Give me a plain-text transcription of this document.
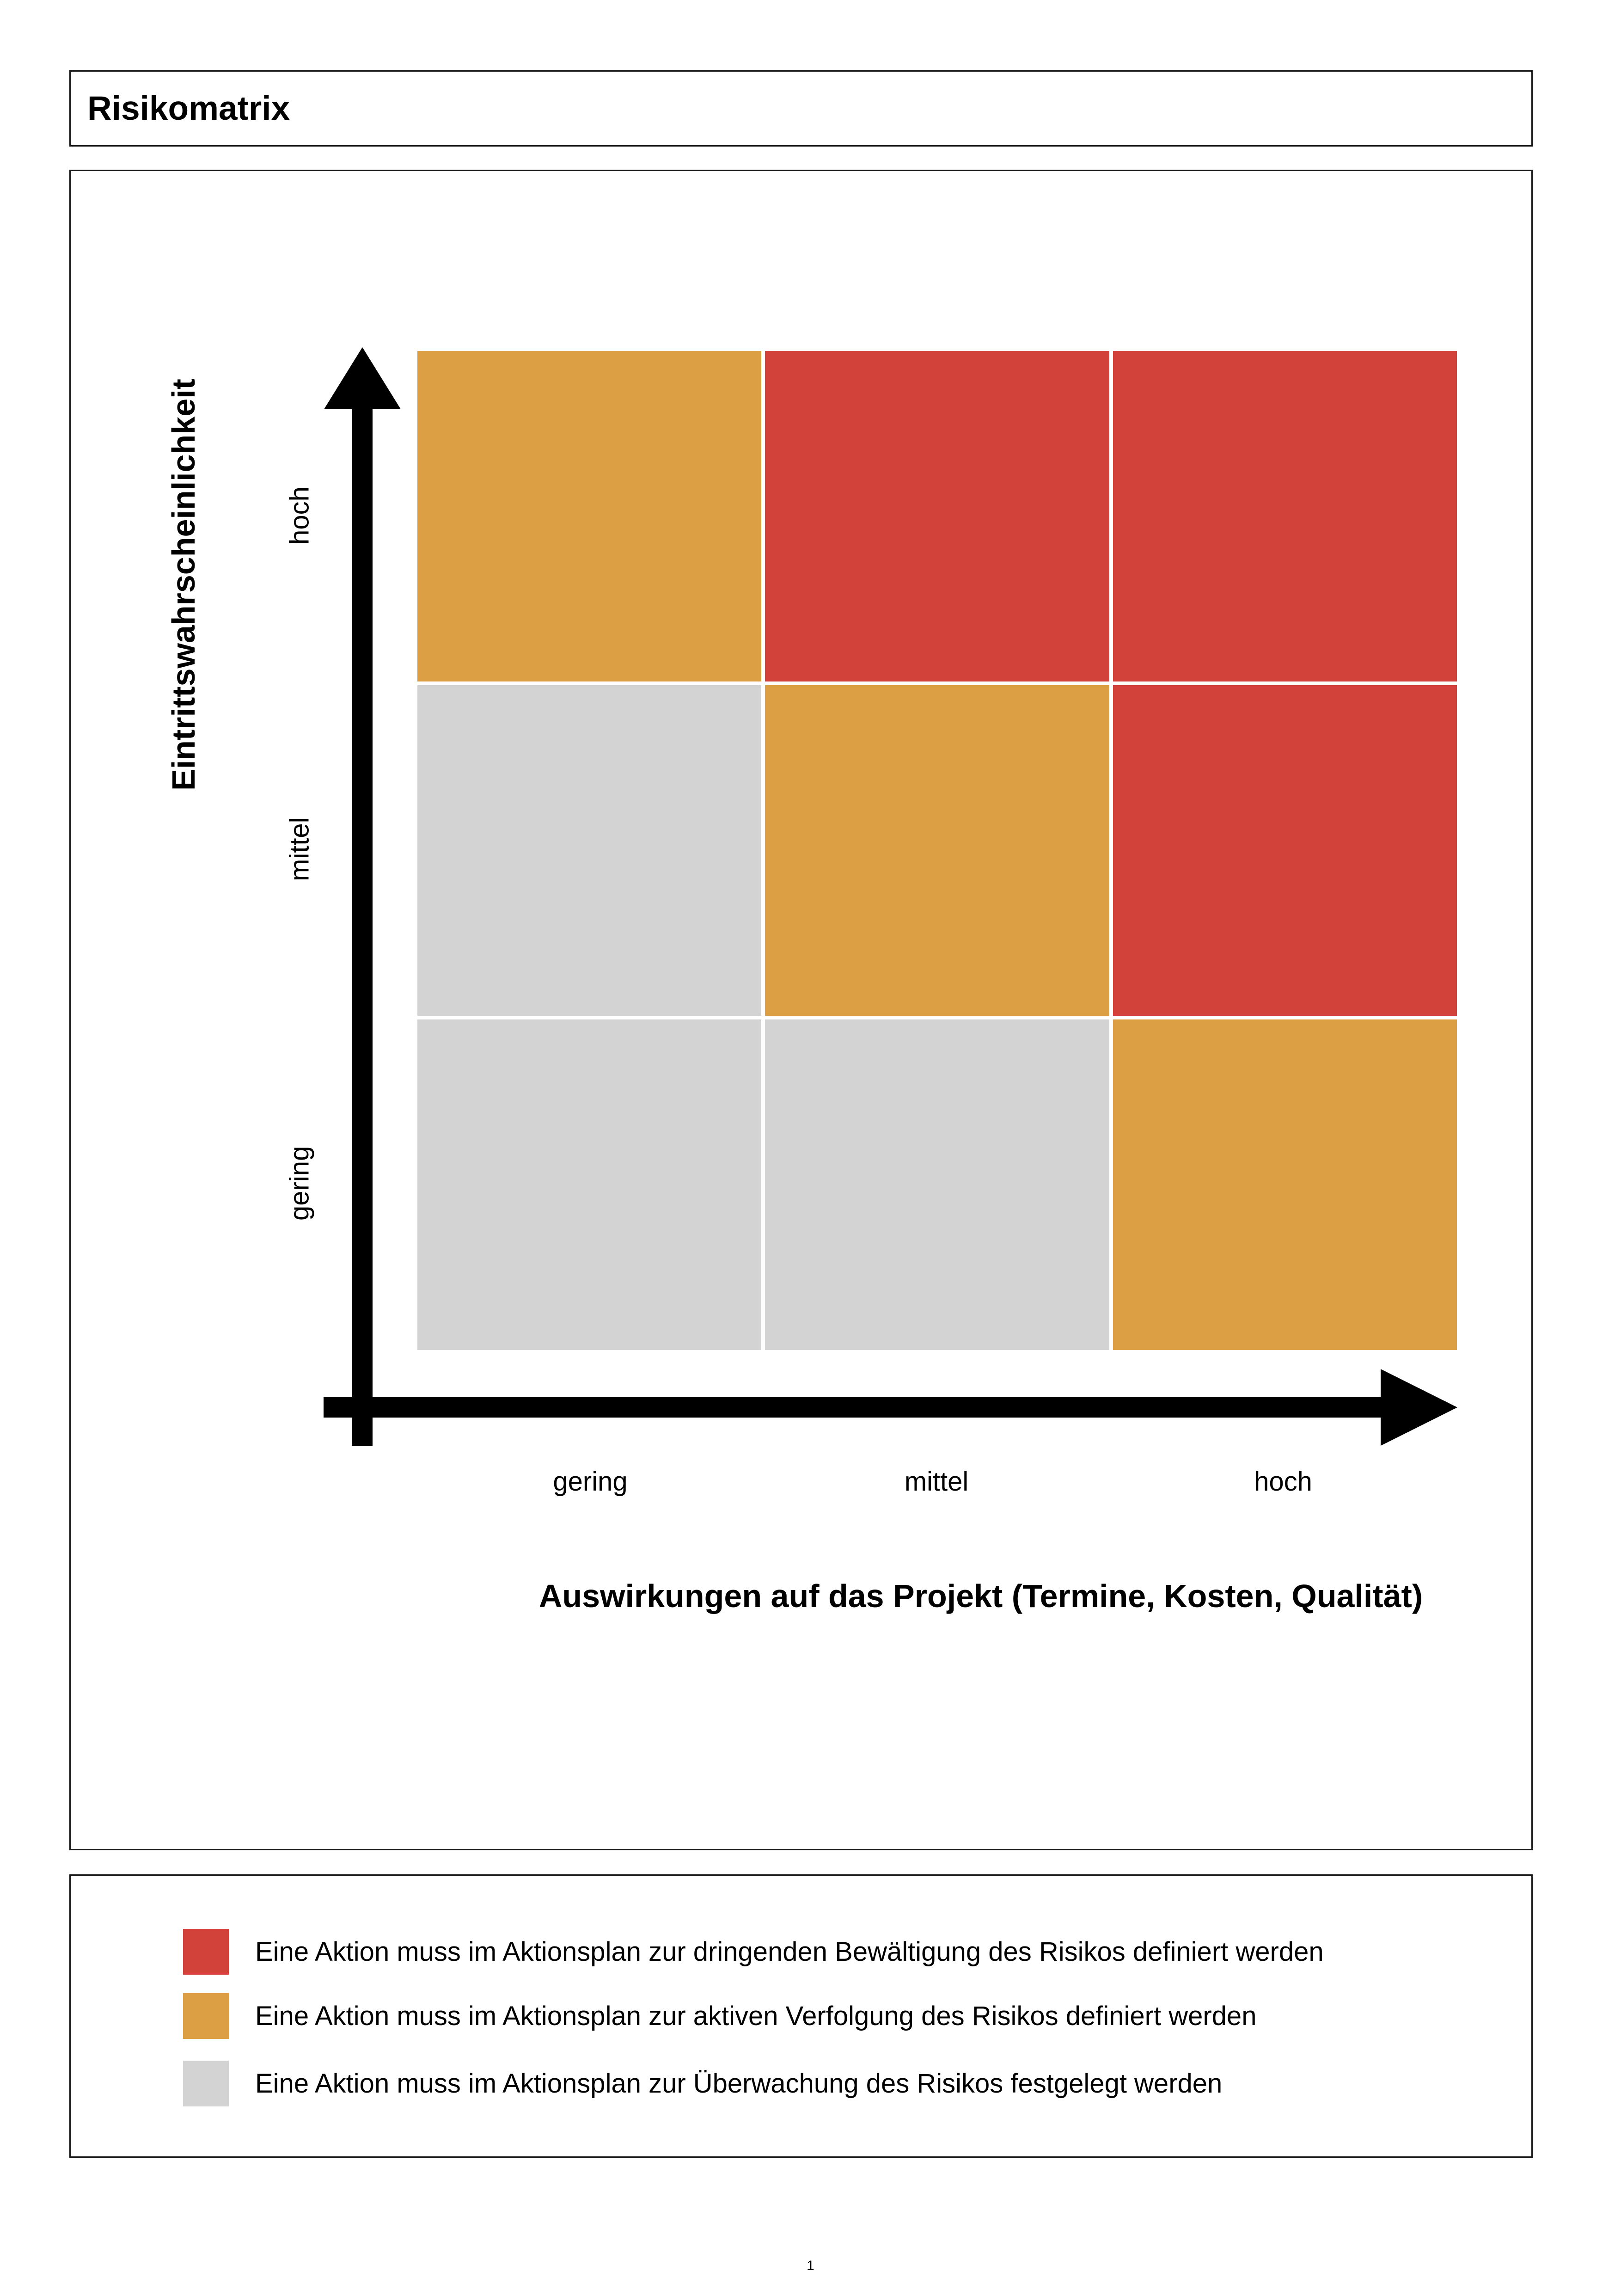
Risikomatrix
Eintrittswahrscheinlichkeit	hoch
mittel
gering
gering	mittel	hoch
Auswirkungen auf das Projekt (Termine, Kosten, Qualität)
Eine Aktion muss im Aktionsplan zur dringenden Bewältigung des Risikos definiert werden
Eine Aktion muss im Aktionsplan zur aktiven Verfolgung des Risikos definiert werden
Eine Aktion muss im Aktionsplan zur Überwachung des Risikos festgelegt werden
1
